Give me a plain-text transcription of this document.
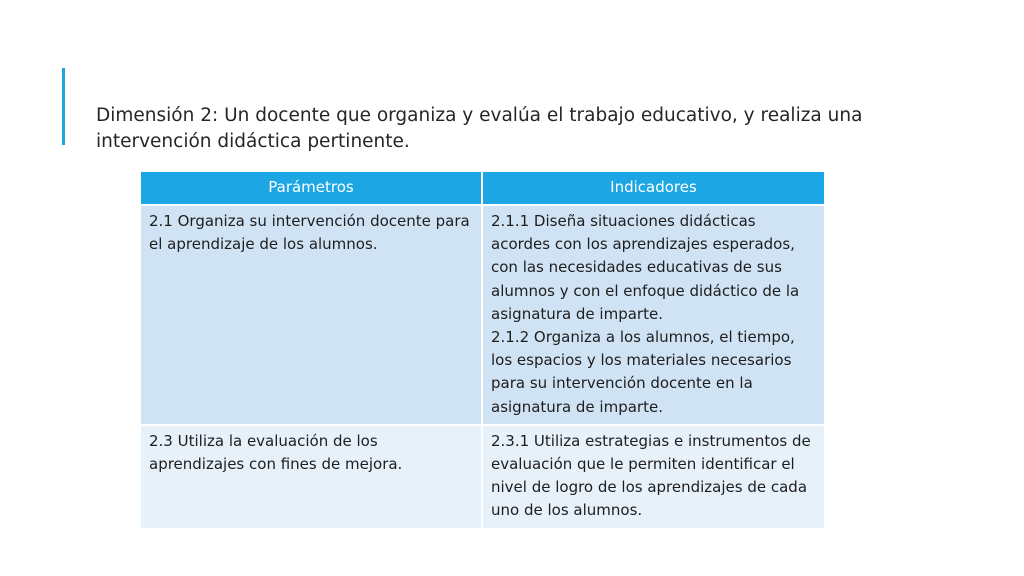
Dimensión 2: Un docente que organiza y evalúa el trabajo educativo, y realiza una intervención didáctica pertinente.
Parámetros	Indicadores
2.1 Organiza su intervención docente para el aprendizaje de los alumnos.	2.1.1 Diseña situaciones didácticas acordes con los aprendizajes esperados, con las necesidades educativas de sus alumnos y con el enfoque didáctico de la asignatura de imparte.
2.1.2 Organiza a los alumnos, el tiempo, los espacios y los materiales necesarios para su intervención docente en la asignatura de imparte.

2.3 Utiliza la evaluación de los aprendizajes con fines de mejora.	2.3.1 Utiliza estrategias e instrumentos de evaluación que le permiten identificar el nivel de logro de los aprendizajes de cada uno de los alumnos.
